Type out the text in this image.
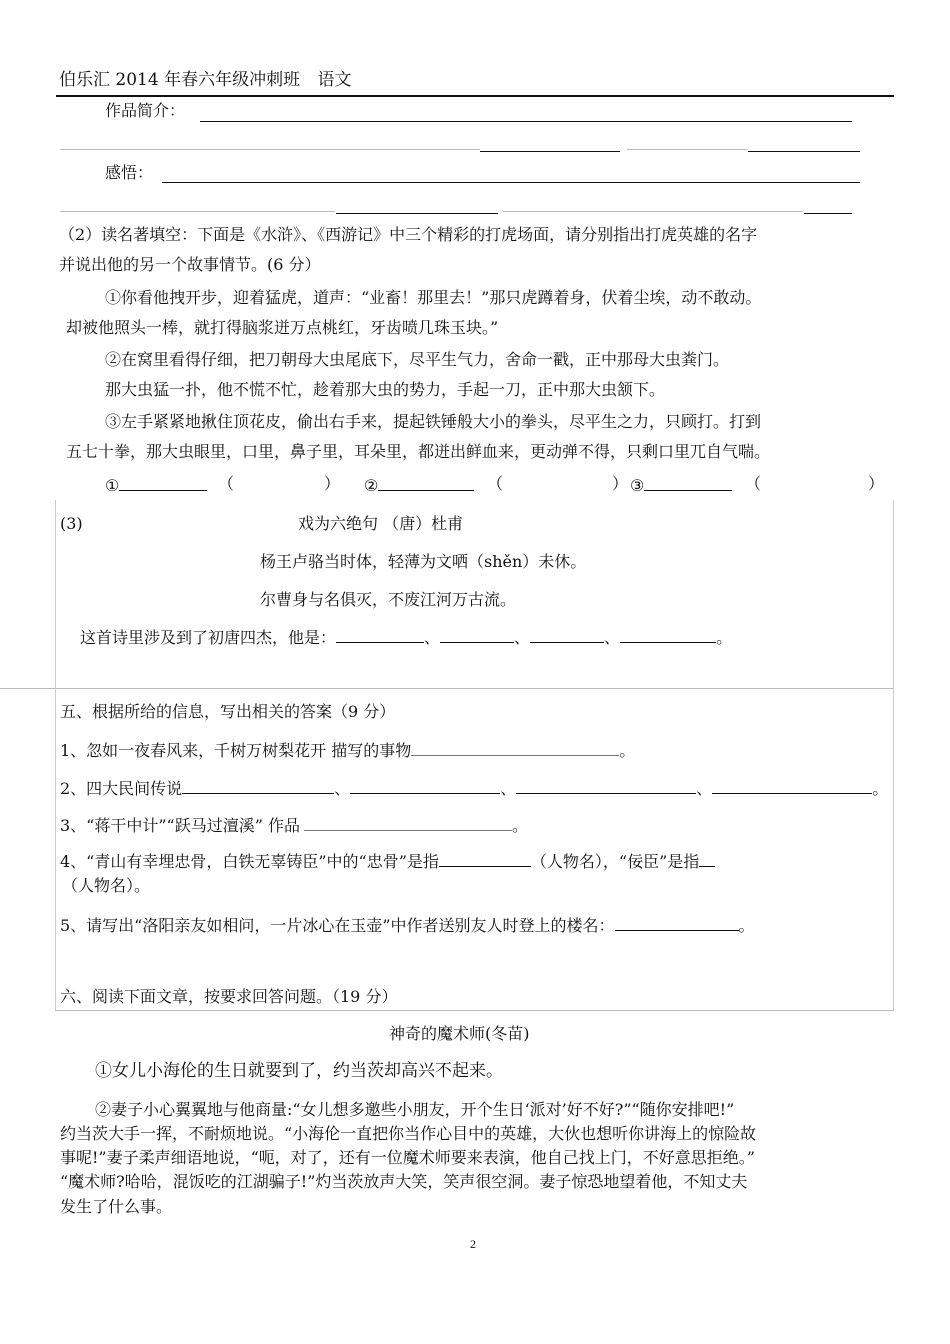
伯乐汇 2014 年春六年级冲刺班 语文
作品简介：
感悟：
（2）读名著填空：下面是《水浒》、《西游记》中三个精彩的打虎场面，请分别指出打虎英雄的名字
并说出他的另一个故事情节。(6 分）
①你看他拽开步，迎着猛虎，道声：“业畜！那里去！”那只虎蹲着身，伏着尘埃，动不敢动。
却被他照头一棒，就打得脑浆迸万点桃红，牙齿喷几珠玉块。”
②在窝里看得仔细，把刀朝母大虫尾底下，尽平生气力，舍命一戳，正中那母大虫粪门。
那大虫猛一扑，他不慌不忙，趁着那大虫的势力，手起一刀，正中那大虫颔下。
③左手紧紧地揪住顶花皮，偷出右手来，提起铁锤般大小的拳头，尽平生之力，只顾打。打到
五七十拳，那大虫眼里，口里，鼻子里，耳朵里，都迸出鲜血来，更动弹不得，只剩口里兀自气喘。
①	（	） ②	（	） ③	（	）
(3)	戏为六绝句 （唐）杜甫
杨王卢骆当时体，轻薄为文哂（shěn）未休。
尔曹身与名俱灭，不废江河万古流。
这首诗里涉及到了初唐四杰，他是：	、	、	、	。
五、根据所给的信息，写出相关的答案（9 分）
1、忽如一夜春风来，千树万树梨花开 描写的事物	。
2、四大民间传说	、	、	、	。
3、“蒋干中计”“跃马过澶溪” 作品	。
4、“青山有幸埋忠骨，白铁无辜铸臣”中的“忠骨”是指	（人物名），“佞臣”是指
（人物名）。
5、请写出“洛阳亲友如相问，一片冰心在玉壶”中作者送别友人时登上的楼名：	。
六、阅读下面文章，按要求回答问题。（19 分）
神奇的魔术师(冬苗)
①女儿小海伦的生日就要到了，约当茨却高兴不起来。
②妻子小心翼翼地与他商量:“女儿想多邀些小朋友，开个生日‘派对’好不好?”“随你安排吧!”
约当茨大手一挥，不耐烦地说。“小海伦一直把你当作心目中的英雄，大伙也想听你讲海上的惊险故
事呢!”妻子柔声细语地说，“呃，对了，还有一位魔术师要来表演，他自己找上门，不好意思拒绝。”
“魔术师?哈哈，混饭吃的江湖骗子!”灼当茨放声大笑，笑声很空洞。妻子惊恐地望着他，不知丈夫
发生了什么事。
2
